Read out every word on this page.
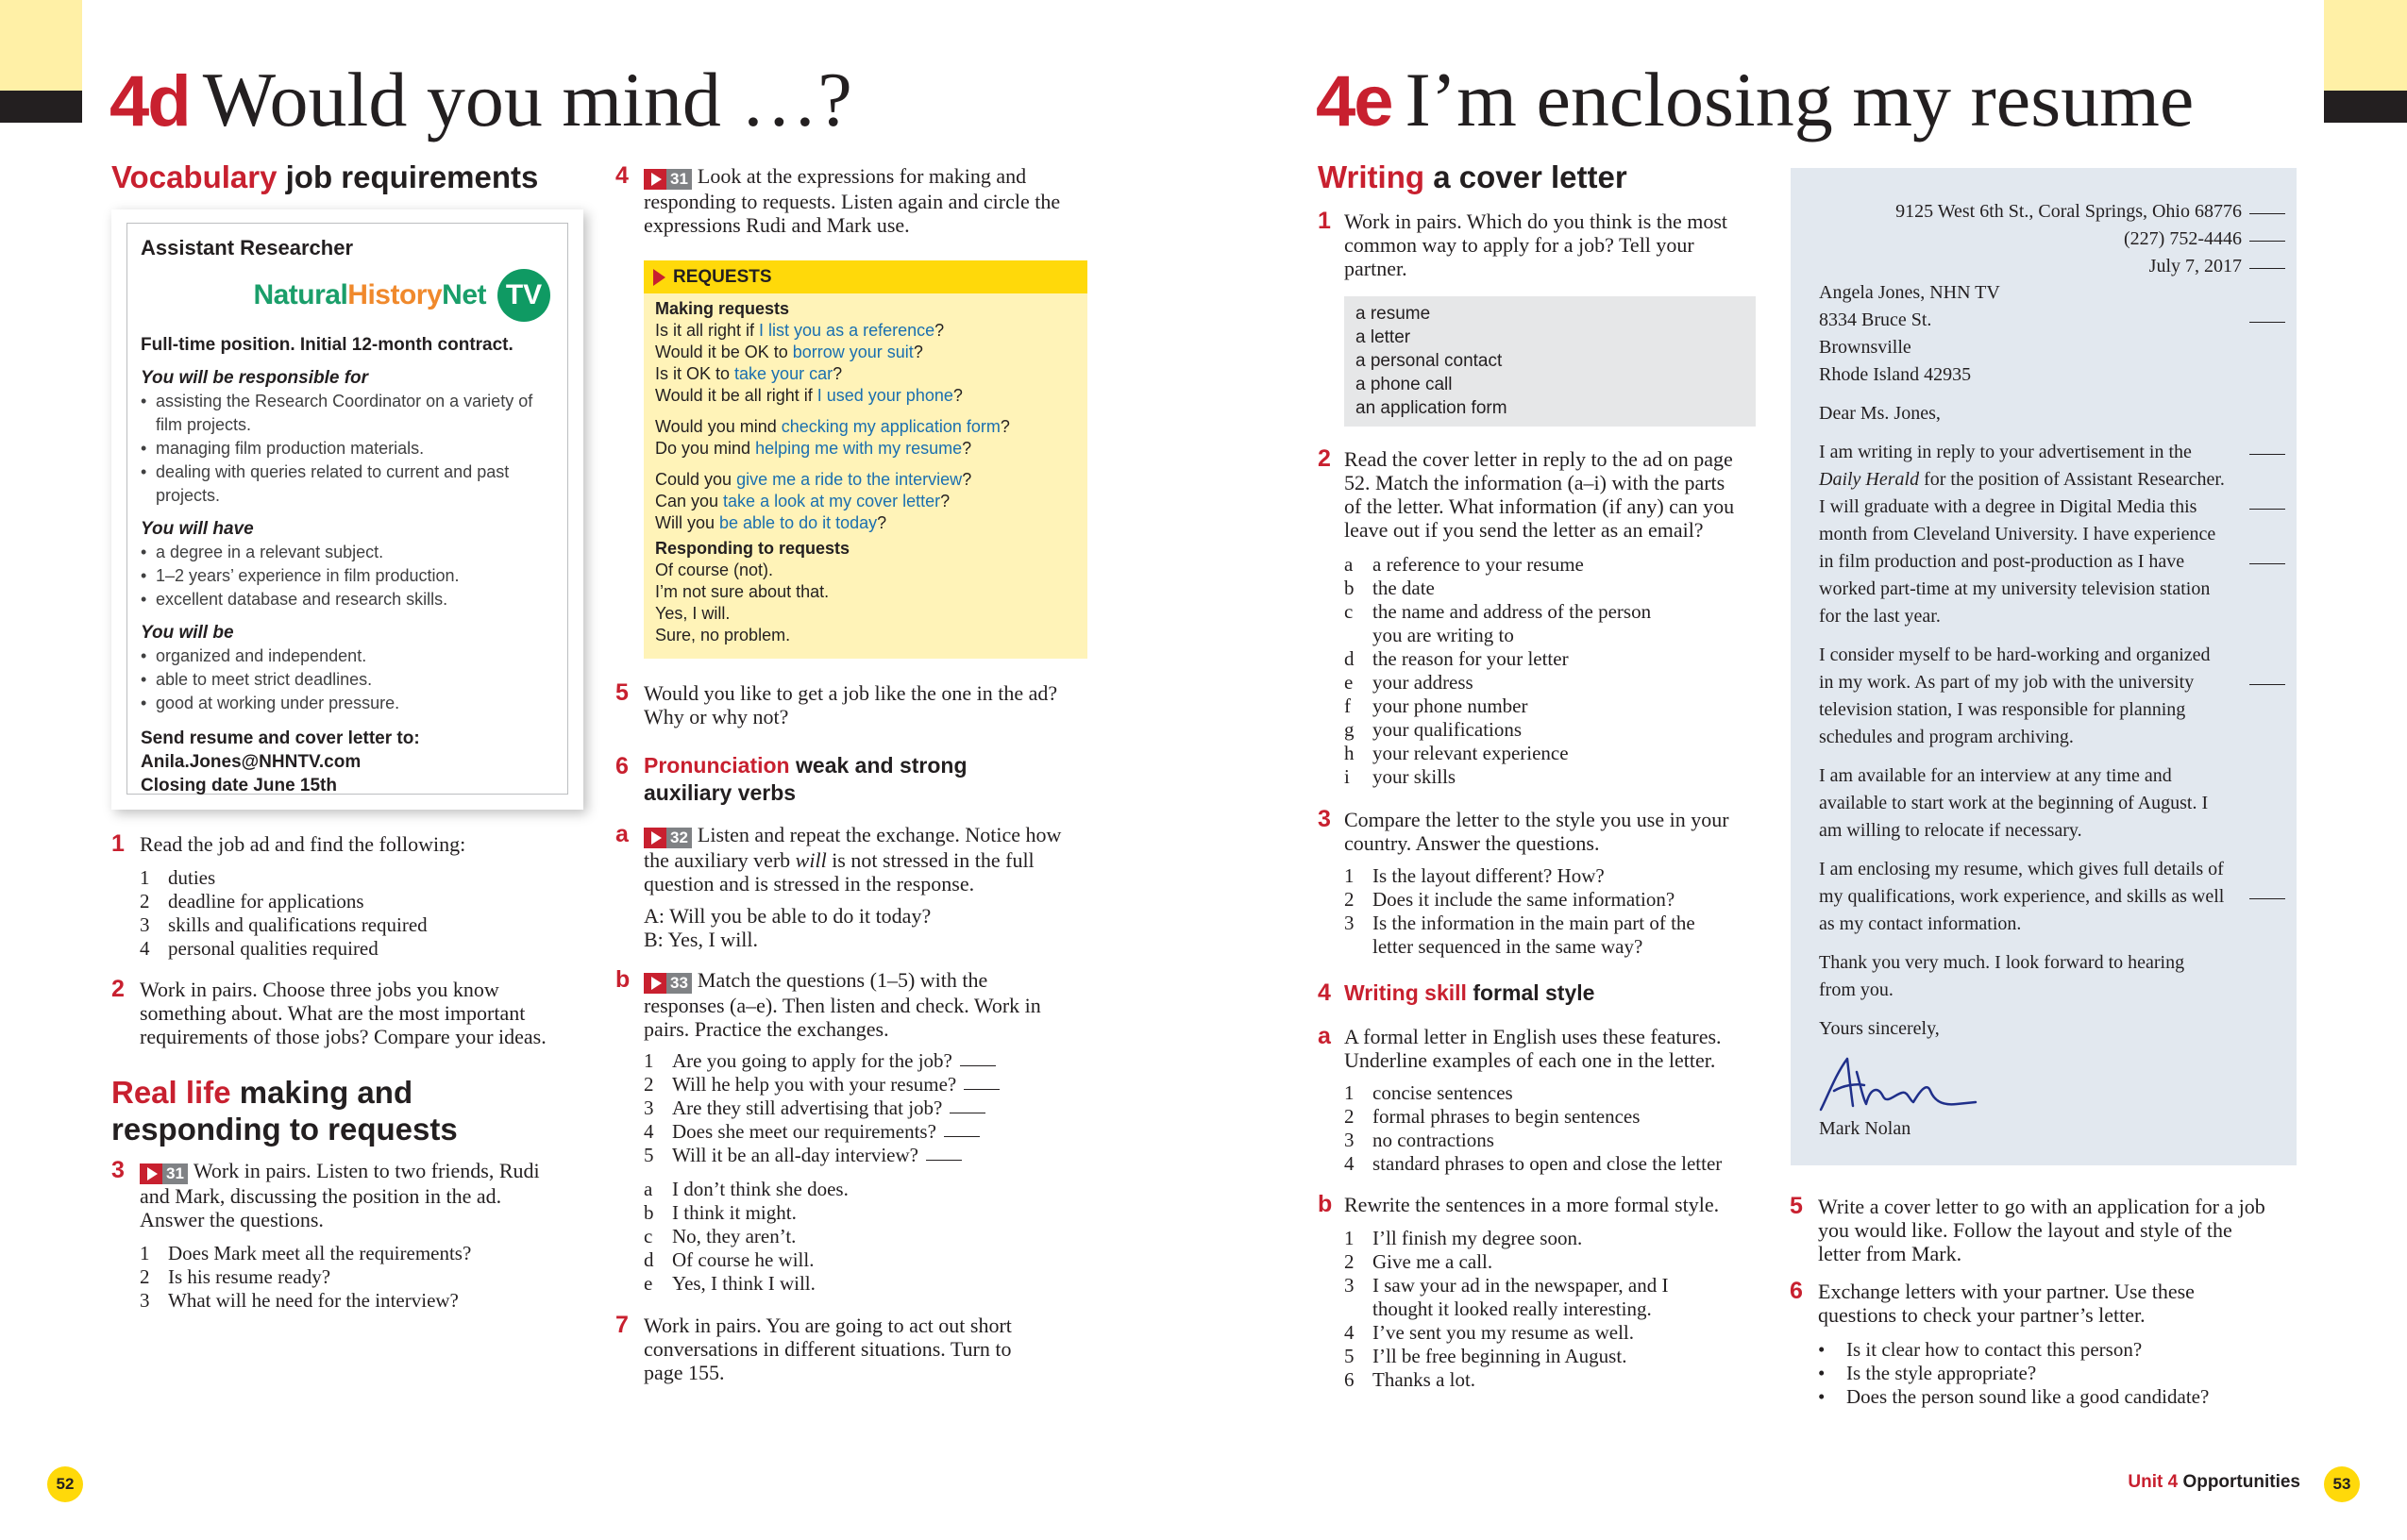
4d Would you mind …?
Vocabulary job requirements
Assistant Researcher
Natural History Net TV
Full-time position. Initial 12-month contract.
You will be responsible for
• assisting the Research Coordinator on a variety of film projects.
• managing film production materials.
• dealing with queries related to current and past projects.
You will have
• a degree in a relevant subject.
• 1–2 years’ experience in film production.
• excellent database and research skills.
You will be
• organized and independent.
• able to meet strict deadlines.
• good at working under pressure.
Send resume and cover letter to:
Anila.Jones@NHNTV.com
Closing date June 15th
1 Read the job ad and find the following:
1 duties
2 deadline for applications
3 skills and qualifications required
4 personal qualities required
2 Work in pairs. Choose three jobs you know
something about. What are the most important
requirements of those jobs? Compare your ideas.
Real life making and
responding to requests
3	31 Work in pairs. Listen to two friends, Rudi
and Mark, discussing the position in the ad.
Answer the questions.
1 Does Mark meet all the requirements?
2 Is his resume ready?
3 What will he need for the interview?
4	31 Look at the expressions for making and
responding to requests. Listen again and circle the
expressions Rudi and Mark use.
REQUESTS
Making requests
Is it all right if I list you as a reference?
Would it be OK to borrow your suit?
Is it OK to take your car?
Would it be all right if I used your phone?
Would you mind checking my application form?
Do you mind helping me with my resume?
Could you give me a ride to the interview?
Can you take a look at my cover letter?
Will you be able to do it today?
Responding to requests
Of course (not).
I’m not sure about that.
Yes, I will.
Sure, no problem.
5 Would you like to get a job like the one in the ad?
Why or why not?
6 Pronunciation weak and strong
auxiliary verbs
a	32 Listen and repeat the exchange. Notice how
the auxiliary verb will is not stressed in the full
question and is stressed in the response.
A: Will you be able to do it today?
B: Yes, I will.
b	33 Match the questions (1–5) with the
responses (a–e). Then listen and check. Work in
pairs. Practice the exchanges.
1 Are you going to apply for the job?
2 Will he help you with your resume?
3 Are they still advertising that job?
4 Does she meet our requirements?
5 Will it be an all-day interview?
a I don’t think she does.
b I think it might.
c No, they aren’t.
d Of course he will.
e Yes, I think I will.
7 Work in pairs. You are going to act out short
conversations in different situations. Turn to
page 155.
52
4e I’m enclosing my resume
Writing a cover letter
1 Work in pairs. Which do you think is the most
common way to apply for a job? Tell your
partner.
a resume
a letter
a personal contact
a phone call
an application form
2 Read the cover letter in reply to the ad on page
52. Match the information (a–i) with the parts
of the letter. What information (if any) can you
leave out if you send the letter as an email?
a a reference to your resume
b the date
c the name and address of the person
you are writing to
d the reason for your letter
e your address
f	your phone number
g your qualifications
h your relevant experience
i	your skills
3 Compare the letter to the style you use in your
country. Answer the questions.
1 Is the layout different? How?
2 Does it include the same information?
3 Is the information in the main part of the
letter sequenced in the same way?
4 Writing skill formal style
a A formal letter in English uses these features.
Underline examples of each one in the letter.
1 concise sentences
2 formal phrases to begin sentences
3 no contractions
4 standard phrases to open and close the letter
b Rewrite the sentences in a more formal style.
1 I’ll finish my degree soon.
2 Give me a call.
3 I saw your ad in the newspaper, and I
thought it looked really interesting.
4 I’ve sent you my resume as well.
5 I’ll be free beginning in August.
6 Thanks a lot.
9125 West 6th St., Coral Springs, Ohio 68776
(227) 752-4446
July 7, 2017
Angela Jones, NHN TV
8334 Bruce St.
Brownsville
Rhode Island 42935
Dear Ms. Jones,
I am writing in reply to your advertisement in the
Daily Herald for the position of Assistant Researcher.
I will graduate with a degree in Digital Media this
month from Cleveland University. I have experience
in film production and post-production as I have
worked part-time at my university television station
for the last year.
I consider myself to be hard-working and organized
in my work. As part of my job with the university
television station, I was responsible for planning
schedules and program archiving.
I am available for an interview at any time and
available to start work at the beginning of August. I
am willing to relocate if necessary.
I am enclosing my resume, which gives full details of
my qualifications, work experience, and skills as well
as my contact information.
Thank you very much. I look forward to hearing
from you.
Yours sincerely,
Mark Nolan
5 Write a cover letter to go with an application for a job
you would like. Follow the layout and style of the
letter from Mark.
6 Exchange letters with your partner. Use these
questions to check your partner’s letter.
•	Is it clear how to contact this person?
•	Is the style appropriate?
•	Does the person sound like a good candidate?
Unit 4 Opportunities	53
